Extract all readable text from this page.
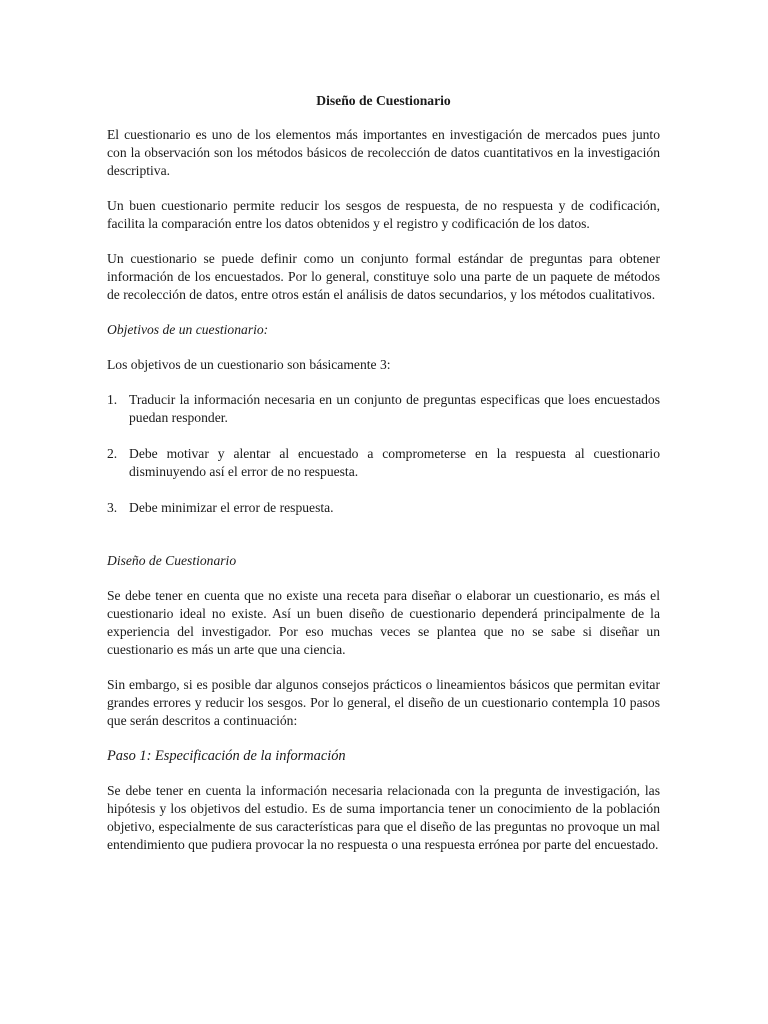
Diseño de Cuestionario

El cuestionario es uno de los elementos más importantes en investigación de mercados pues junto con la observación son los métodos básicos de recolección de datos cuantitativos en la investigación descriptiva.

Un buen cuestionario permite reducir los sesgos de respuesta, de no respuesta y de codificación, facilita la comparación entre los datos obtenidos y el registro y codificación de los datos.

Un cuestionario se puede definir como un conjunto formal estándar de preguntas para obtener información de los encuestados. Por lo general, constituye solo una parte de un paquete de métodos de recolección de datos, entre otros están el análisis de datos secundarios, y los métodos cualitativos.

Objetivos de un cuestionario:

Los objetivos de un cuestionario son básicamente 3:

1. Traducir la información necesaria en un conjunto de preguntas especificas que loes encuestados puedan responder.
2. Debe motivar y alentar al encuestado a comprometerse en la respuesta al cuestionario disminuyendo así el error de no respuesta.
3. Debe minimizar el error de respuesta.
Diseño de Cuestionario

Se debe tener en cuenta que no existe una receta para diseñar o elaborar un cuestionario, es más el cuestionario ideal no existe. Así un buen diseño de cuestionario dependerá principalmente de la experiencia del investigador. Por eso muchas veces se plantea que no se sabe si diseñar un cuestionario es más un arte que una ciencia.

Sin embargo, si es posible dar algunos consejos prácticos o lineamientos básicos que permitan evitar grandes errores y reducir los sesgos. Por lo general, el diseño de un cuestionario contempla 10 pasos que serán descritos a continuación:

Paso 1: Especificación de la información

Se debe tener en cuenta la información necesaria relacionada con la pregunta de investigación, las hipótesis y los objetivos del estudio. Es de suma importancia tener un conocimiento de la población objetivo, especialmente de sus características para que el diseño de las preguntas no provoque un mal entendimiento que pudiera provocar la no respuesta o una respuesta errónea por parte del encuestado.
